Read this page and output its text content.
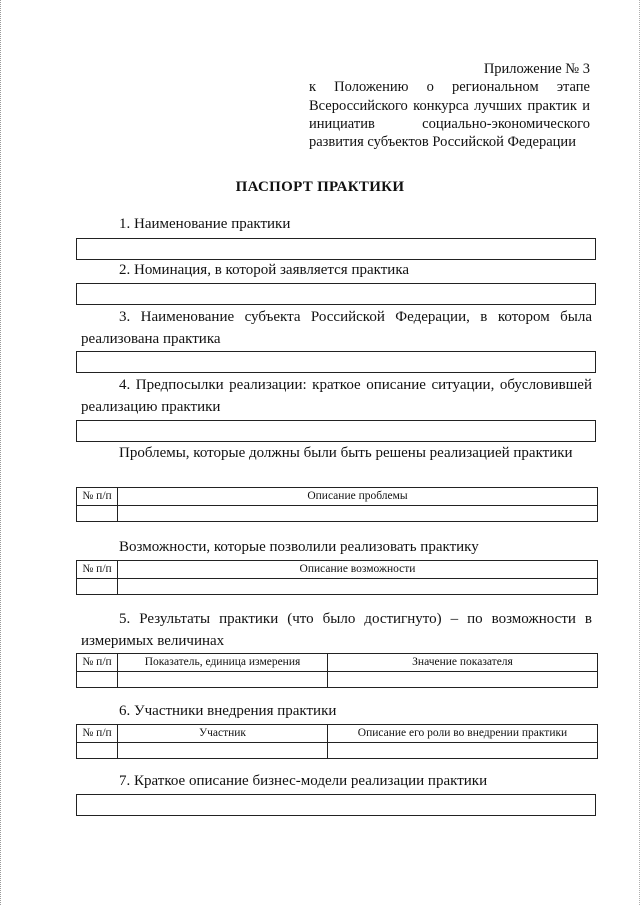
Приложение № 3
к Положению о региональном этапе Всероссийского конкурса лучших практик и инициатив социально-экономического развития субъектов Российской Федерации
ПАСПОРТ ПРАКТИКИ
1. Наименование практики
2. Номинация, в которой заявляется практика
3. Наименование субъекта Российской Федерации, в котором была реализована практика
4. Предпосылки реализации: краткое описание ситуации, обусловившей реализацию практики
Проблемы, которые должны были быть решены реализацией практики
№ п/п	Описание проблемы

Возможности, которые позволили реализовать практику
№ п/п	Описание возможности

5. Результаты практики (что было достигнуто) – по возможности в измеримых величинах
№ п/п	Показатель, единица измерения	Значение показателя

6. Участники внедрения практики
№ п/п	Участник	Описание его роли во внедрении практики

7. Краткое описание бизнес-модели реализации практики
